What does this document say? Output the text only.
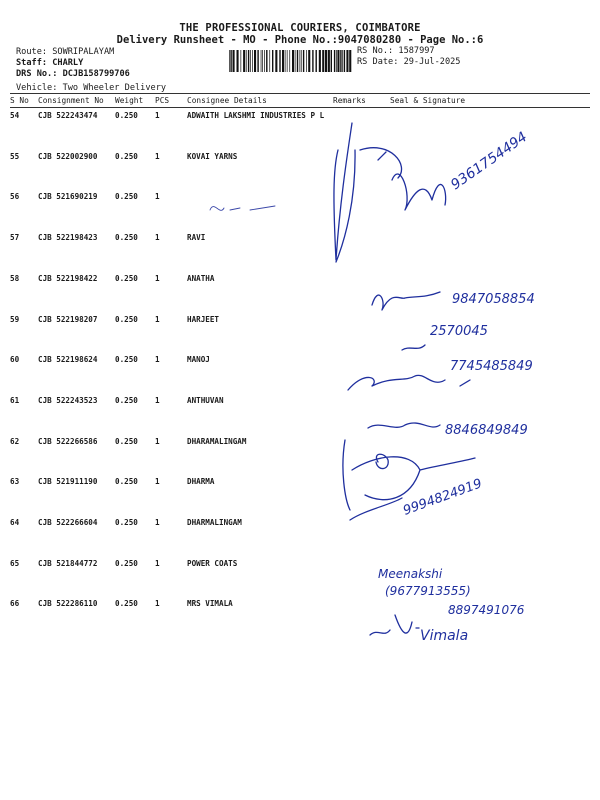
THE PROFESSIONAL COURIERS, COIMBATORE
Delivery Runsheet - MO - Phone No.:9047080280 - Page No.:6
Route: SOWRIPALAYAM
Staff: CHARLY
DRS No.: DCJB158799706
RS No.: 1587997
RS Date: 29-Jul-2025
Vehicle: Two Wheeler Delivery
S No Consignment No Weight PCS Consignee Details	Remarks	Seal & Signature
54 CJB 522243474 0.250 1	ADWAITH LAKSHMI INDUSTRIES P L
55 CJB 522002900 0.250 1	KOVAI YARNS
56 CJB 521690219 0.250 1
57 CJB 522198423 0.250 1	RAVI
58 CJB 522198422 0.250 1	ANATHA
59 CJB 522198207 0.250 1	HARJEET
60 CJB 522198624 0.250 1	MANOJ
61 CJB 522243523 0.250 1	ANTHUVAN
62 CJB 522266586 0.250 1	DHARAMALINGAM
63 CJB 521911190 0.250 1	DHARMA
64 CJB 522266604 0.250 1	DHARMALINGAM
65 CJB 521844772 0.250 1	POWER COATS
66 CJB 522286110 0.250 1	MRS VIMALA
9361754494
9847058854
2570045
7745485849
8846849849
9994824919
Meenakshi
(9677913555)
8897491076
Vimala
